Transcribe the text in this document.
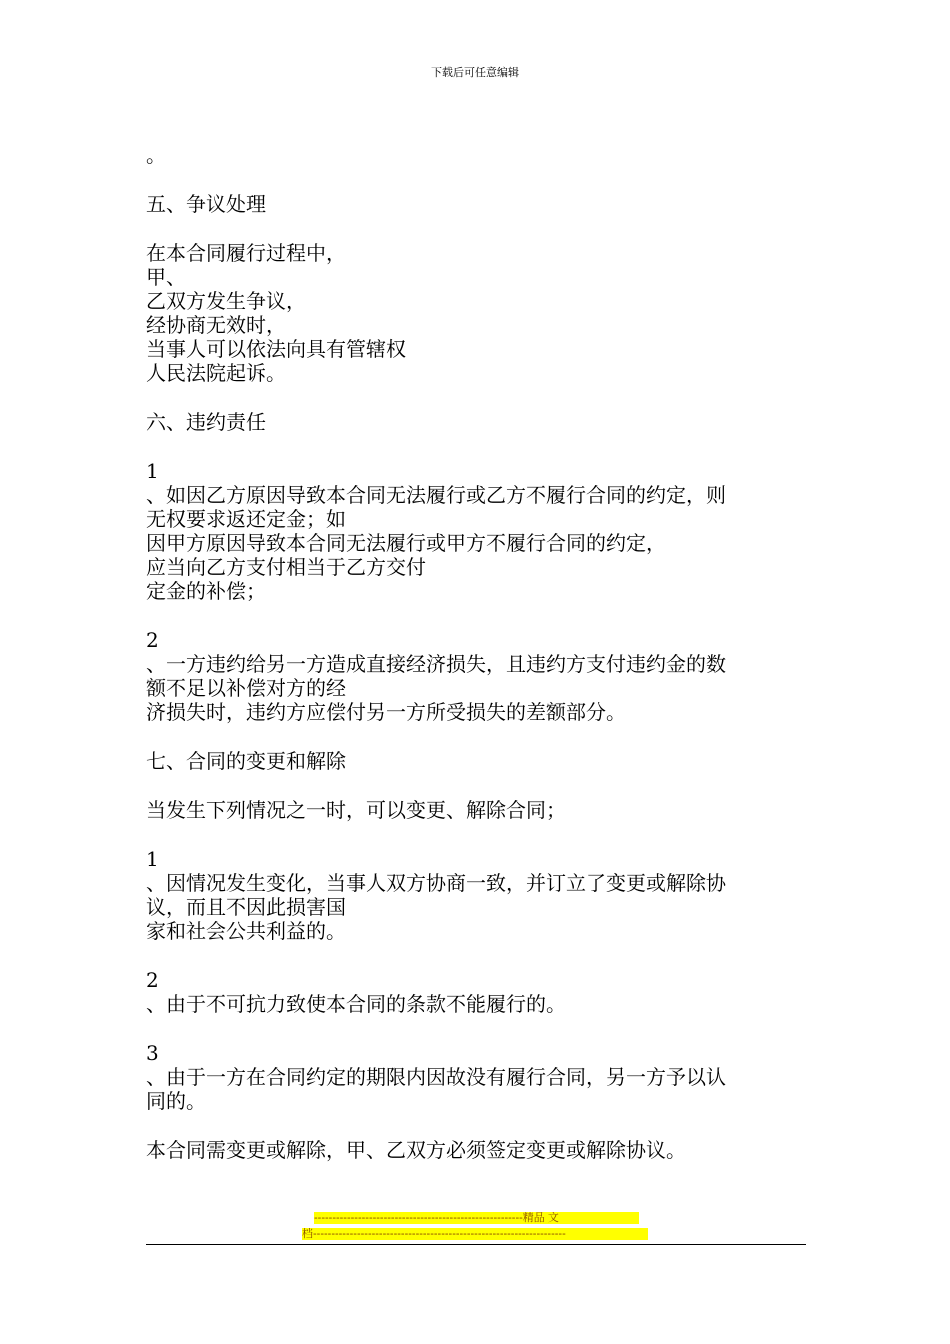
下载后可任意编辑
。
五、争议处理
在本合同履行过程中，
甲、
乙双方发生争议，
经协商无效时，
当事人可以依法向具有管辖权
人民法院起诉。
六、违约责任
1
、如因乙方原因导致本合同无法履行或乙方不履行合同的约定，则
无权要求返还定金；如
因甲方原因导致本合同无法履行或甲方不履行合同的约定，
应当向乙方支付相当于乙方交付
定金的补偿；
2
、一方违约给另一方造成直接经济损失，且违约方支付违约金的数
额不足以补偿对方的经
济损失时，违约方应偿付另一方所受损失的差额部分。
七、合同的变更和解除
当发生下列情况之一时，可以变更、解除合同；
1
、因情况发生变化，当事人双方协商一致，并订立了变更或解除协
议，而且不因此损害国
家和社会公共利益的。
2
、由于不可抗力致使本合同的条款不能履行的。
3
、由于一方在合同约定的期限内因故没有履行合同，另一方予以认
同的。
本合同需变更或解除，甲、乙双方必须签定变更或解除协议。
---------------------------------------------------------精品 文
档---------------------------------------------------------------------
